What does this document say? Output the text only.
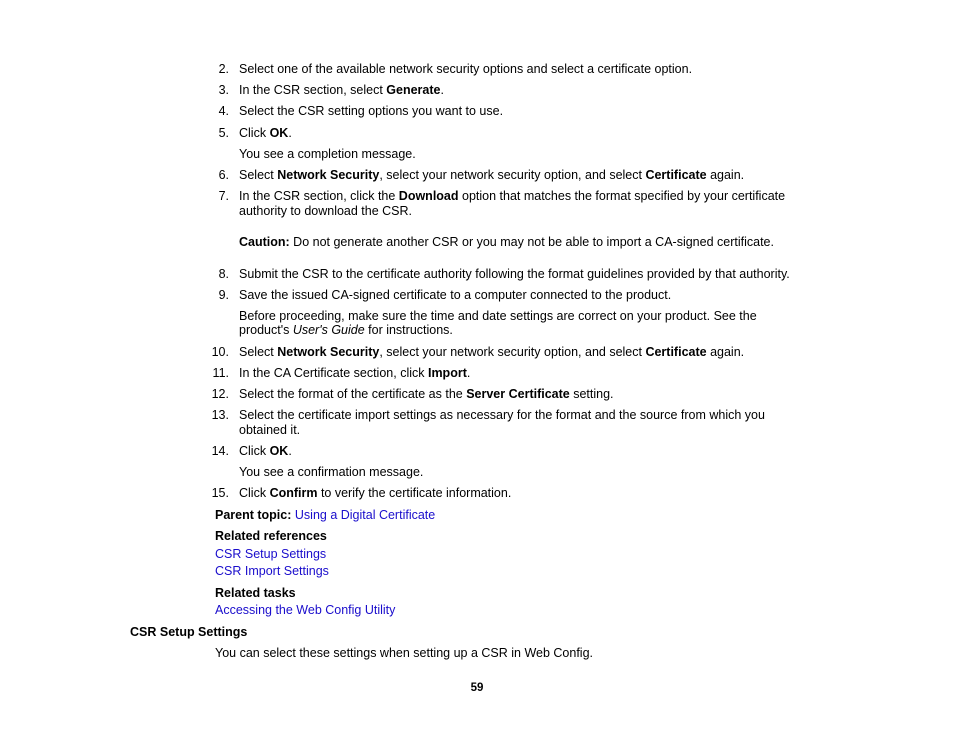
2. Select one of the available network security options and select a certificate option.
3. In the CSR section, select Generate.
4. Select the CSR setting options you want to use.
5. Click OK.
You see a completion message.
6. Select Network Security, select your network security option, and select Certificate again.
7. In the CSR section, click the Download option that matches the format specified by your certificate
authority to download the CSR.
Caution: Do not generate another CSR or you may not be able to import a CA-signed certificate.
8. Submit the CSR to the certificate authority following the format guidelines provided by that authority.
9. Save the issued CA-signed certificate to a computer connected to the product.
Before proceeding, make sure the time and date settings are correct on your product. See the
product's User's Guide for instructions.
10. Select Network Security, select your network security option, and select Certificate again.
11. In the CA Certificate section, click Import.
12. Select the format of the certificate as the Server Certificate setting.
13. Select the certificate import settings as necessary for the format and the source from which you
obtained it.
14. Click OK.
You see a confirmation message.
15. Click Confirm to verify the certificate information.
Parent topic: Using a Digital Certificate
Related references
CSR Setup Settings
CSR Import Settings
Related tasks
Accessing the Web Config Utility
CSR Setup Settings
You can select these settings when setting up a CSR in Web Config.
59
